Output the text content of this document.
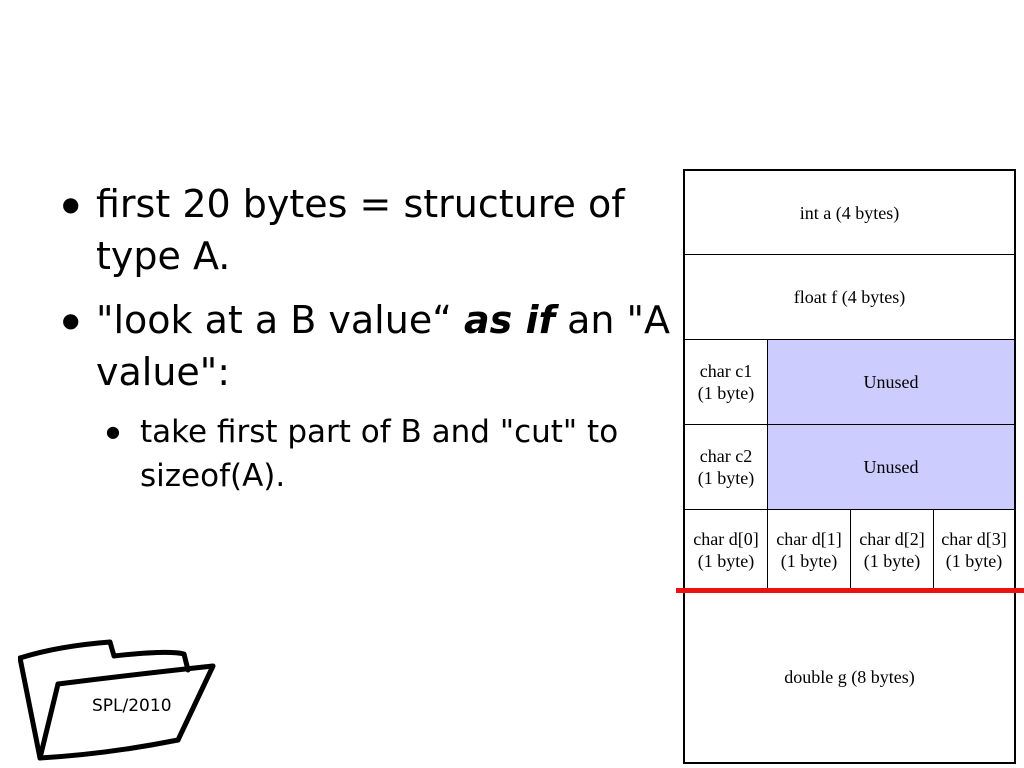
● first 20 bytes = structure of type A.
● "look at a B value“ as if an "A value":
● take first part of B and "cut" to sizeof(A).
int a (4 bytes)
float f (4 bytes)
char c1
(1 byte)
Unused
char c2
(1 byte)
Unused
char d[0]
(1 byte)
char d[1]
(1 byte)
char d[2]
(1 byte)
char d[3]
(1 byte)
double g (8 bytes)
SPL/2010
